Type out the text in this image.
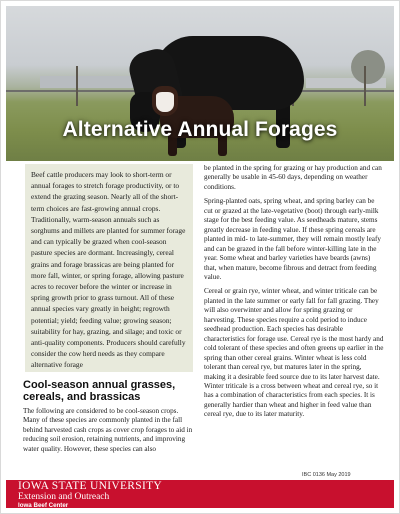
Alternative Annual Forages

Beef cattle producers may look to short-term or annual forages to stretch forage productivity, or to extend the grazing season. Nearly all of the short-term choices are fast-growing annual crops. Traditionally, warm-season annuals such as sorghums and millets are planted for summer forage and can typically be grazed when cool-season pasture species are dormant. Increasingly, cereal grains and forage brassicas are being planted for more fall, winter, or spring forage, allowing pasture acres to recover before the winter or increase in spring growth prior to grass turnout. All of these annual species vary greatly in height; regrowth potential; yield; feeding value; growing season; suitability for hay, grazing, and silage; and toxic or anti-quality components. Producers should carefully consider the cow herd needs as they compare alternative forage

Cool-season annual grasses, cereals, and brassicas

The following are considered to be cool-season crops. Many of these species are commonly planted in the fall behind harvested cash crops as cover crop forages to aid in reducing soil erosion, retaining nutrients, and improving water quality. However, these species can also

be planted in the spring for grazing or hay production and can generally be usable in 45-60 days, depending on weather conditions.

Spring-planted oats, spring wheat, and spring barley can be cut or grazed at the late-vegetative (boot) through early-milk stage for the best feeding value. As seedheads mature, stems greatly decrease in feeding value. If these spring cereals are planted in mid- to late-summer, they will remain mostly leafy and can be grazed in the fall before winter-killing late in the year. Some wheat and barley varieties have beards (awns) that, when mature, become fibrous and detract from feeding value.

Cereal or grain rye, winter wheat, and winter triticale can be planted in the late summer or early fall for fall grazing. They will also overwinter and allow for spring grazing or harvesting. These species require a cold period to induce seedhead production. Each species has desirable characteristics for forage use. Cereal rye is the most hardy and cold tolerant of these species and often greens up earlier in the spring than other cereal grains. Winter wheat is less cold tolerant than cereal rye, but matures later in the spring, making it a desirable feed source due to its later harvest date. Winter triticale is a cross between wheat and cereal rye, so it has a combination of characteristics from each species. It is generally hardier than wheat and higher in feed value than cereal rye, due to its later maturity.

IBC 0136 May 2019
IOWA STATE UNIVERSITY
Extension and Outreach
Iowa Beef Center
